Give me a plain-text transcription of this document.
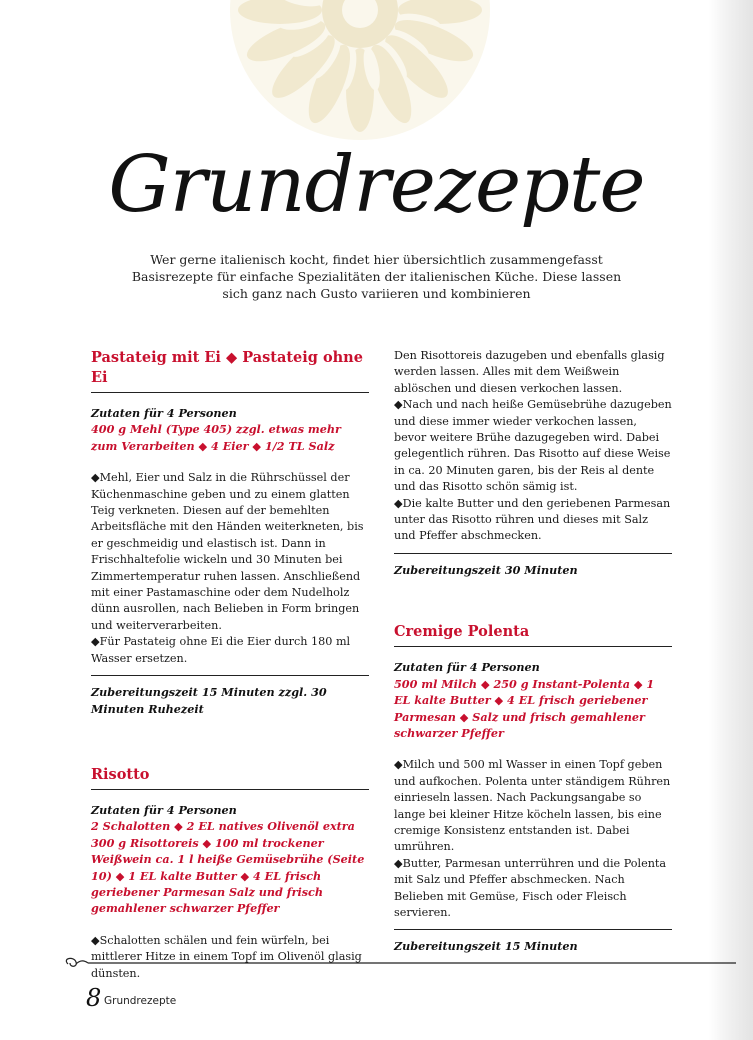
Grundrezepte
Wer gerne italienisch kocht, findet hier übersichtlich zusammengefasst Basisrezepte für einfache Spezialitäten der italienischen Küche. Diese lassen sich ganz nach Gusto variieren und kombinieren
Pastateig mit Ei ◆ Pastateig ohne Ei
Zutaten für 4 Personen
400 g Mehl (Type 405) zzgl. etwas mehr zum Verarbeiten ◆ 4 Eier ◆ 1/2 TL Salz

◆Mehl, Eier und Salz in die Rührschüssel der Küchenmaschine geben und zu einem glatten Teig verkneten. Diesen auf der bemehlten Arbeitsfläche mit den Händen weiterkneten, bis er geschmeidig und elastisch ist. Dann in Frischhaltefolie wickeln und 30 Minuten bei Zimmertemperatur ruhen lassen. Anschließend mit einer Pastamaschine oder dem Nudelholz dünn ausrollen, nach Belieben in Form bringen und weiterverarbeiten.

◆Für Pastateig ohne Ei die Eier durch 180 ml Wasser ersetzen.

Zubereitungszeit 15 Minuten zzgl. 30 Minuten Ruhezeit
Risotto
Zutaten für 4 Personen
2 Schalotten ◆ 2 EL natives Olivenöl extra 300 g Risottoreis ◆ 100 ml trockener Weißwein ca. 1 l heiße Gemüsebrühe (Seite 10) ◆ 1 EL kalte Butter ◆ 4 EL frisch geriebener Parmesan Salz und frisch gemahlener schwarzer Pfeffer

◆Schalotten schälen und fein würfeln, bei mittlerer Hitze in einem Topf im Olivenöl glasig dünsten.

Den Risottoreis dazugeben und ebenfalls glasig werden lassen. Alles mit dem Weißwein ablöschen und diesen verkochen lassen.

◆Nach und nach heiße Gemüsebrühe dazugeben und diese immer wieder verkochen lassen, bevor weitere Brühe dazugegeben wird. Dabei gelegentlich rühren. Das Risotto auf diese Weise in ca. 20 Minuten garen, bis der Reis al dente und das Risotto schön sämig ist.

◆Die kalte Butter und den geriebenen Parmesan unter das Risotto rühren und dieses mit Salz und Pfeffer abschmecken.

Zubereitungszeit 30 Minuten
Cremige Polenta
Zutaten für 4 Personen
500 ml Milch ◆ 250 g Instant-Polenta ◆ 1 EL kalte Butter ◆ 4 EL frisch geriebener Parmesan ◆ Salz und frisch gemahlener schwarzer Pfeffer

◆Milch und 500 ml Wasser in einen Topf geben und aufkochen. Polenta unter ständigem Rühren einrieseln lassen. Nach Packungsangabe so lange bei kleiner Hitze köcheln lassen, bis eine cremige Konsistenz entstanden ist. Dabei umrühren.

◆Butter, Parmesan unterrühren und die Polenta mit Salz und Pfeffer abschmecken. Nach Belieben mit Gemüse, Fisch oder Fleisch servieren.

Zubereitungszeit 15 Minuten
8 Grundrezepte
